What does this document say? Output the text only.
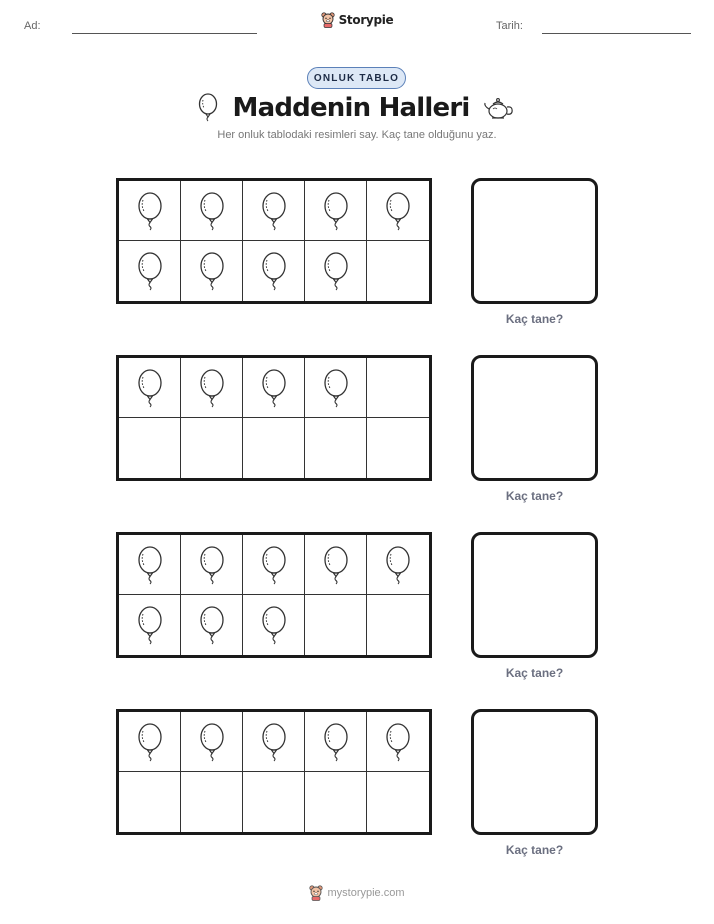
Ad:	Storypie	Tarih:
ONLUK TABLO
Maddenin Halleri
Her onluk tablodaki resimleri say. Kaç tane olduğunu yaz.
Kaç tane?
Kaç tane?
Kaç tane?
Kaç tane?
mystorypie.com
